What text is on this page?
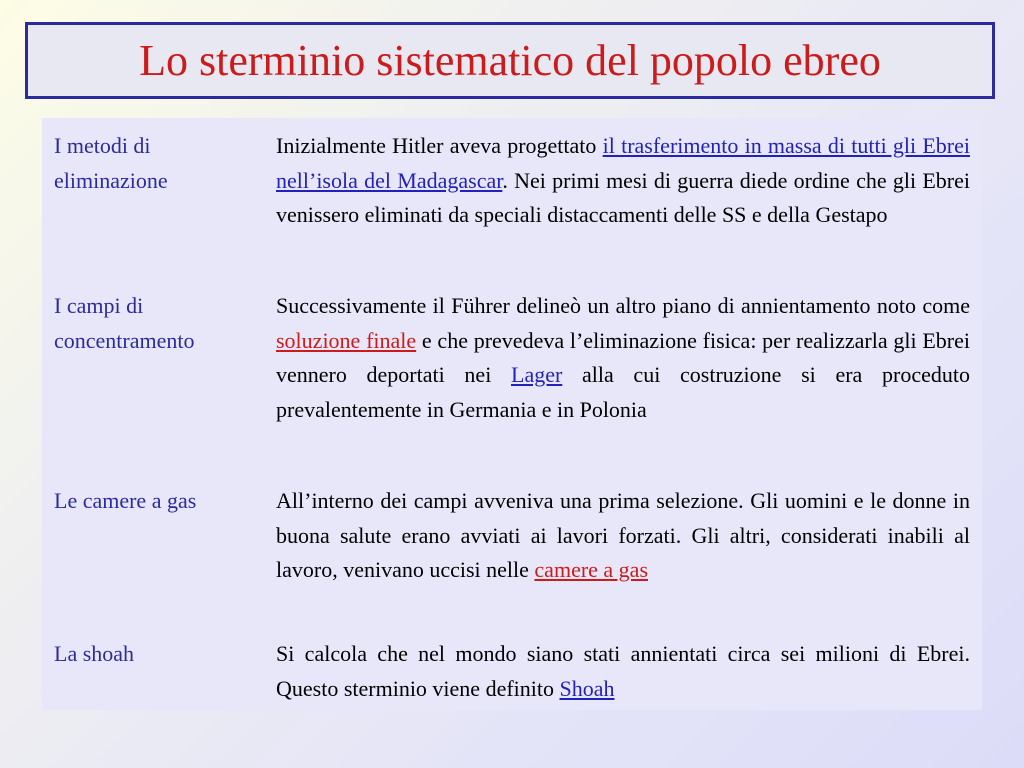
Lo sterminio sistematico del popolo ebreo
I metodi di
eliminazione
Inizialmente Hitler aveva progettato il trasferimento in massa di tutti gli Ebrei nell’isola del Madagascar. Nei primi mesi di guerra diede ordine che gli Ebrei venissero eliminati da speciali distaccamenti delle SS e della Gestapo
I campi di
concentramento
Successivamente il Führer delineò un altro piano di annientamento noto come soluzione finale e che prevedeva l’eliminazione fisica: per realizzarla gli Ebrei vennero deportati nei Lager alla cui costruzione si era proceduto prevalentemente in Germania e in Polonia
Le camere a gas	All’interno dei campi avveniva una prima selezione. Gli uomini e le donne in buona salute erano avviati ai lavori forzati. Gli altri, considerati inabili al lavoro, venivano uccisi nelle camere a gas
La shoah	Si calcola che nel mondo siano stati annientati circa sei milioni di Ebrei. Questo sterminio viene definito Shoah
